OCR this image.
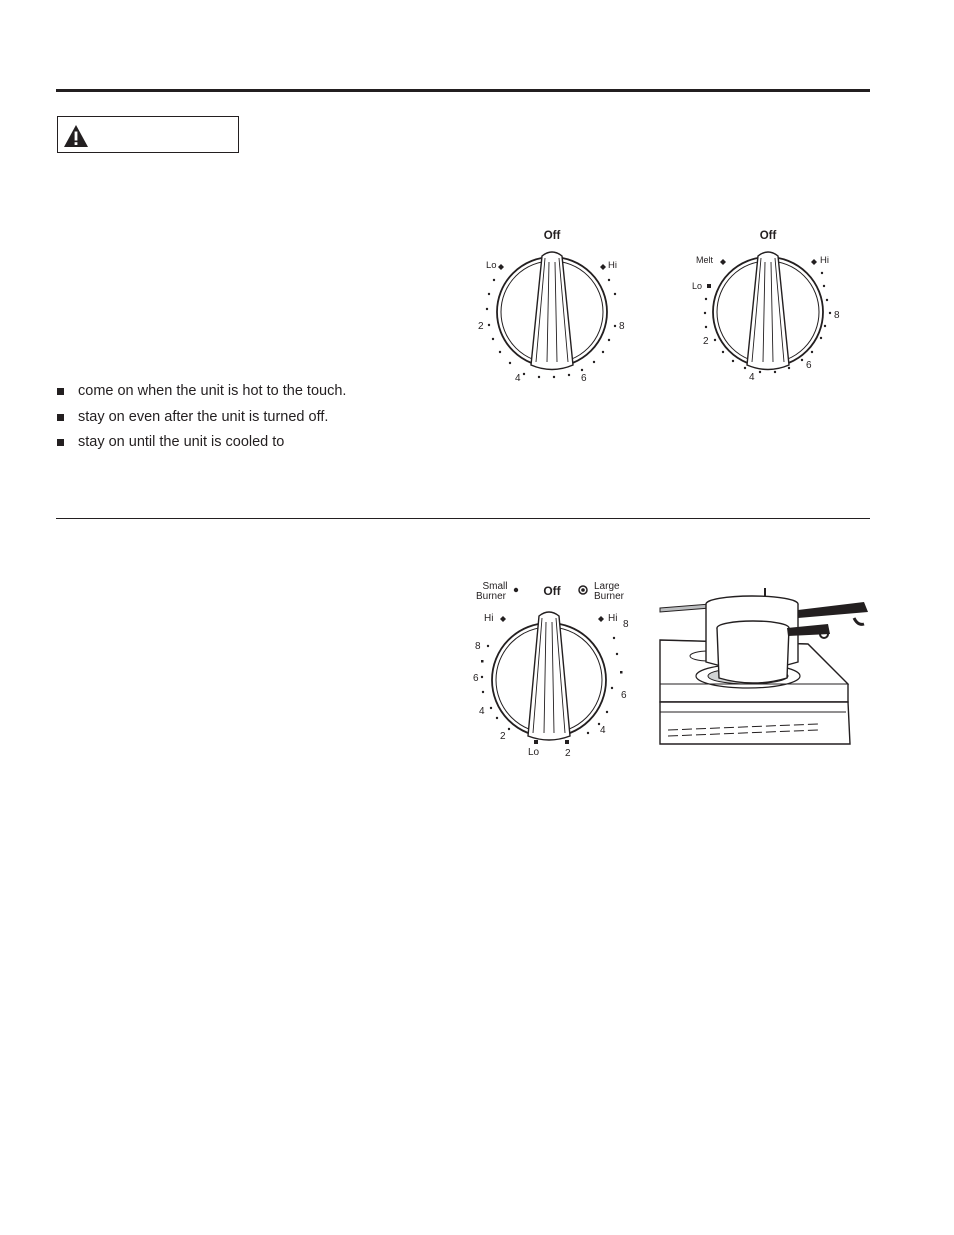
Off
Lo	Hi
2	8
4	6
Off
Melt
Lo
Hi
2
8
4
6
come on when the unit is hot to the touch.
stay on even after the unit is turned off.
stay on until the unit is cooled to
Small
Burner	Off	Large
Burner
Hi	Hi
8
6
4
2
Lo
8
6
4
2
